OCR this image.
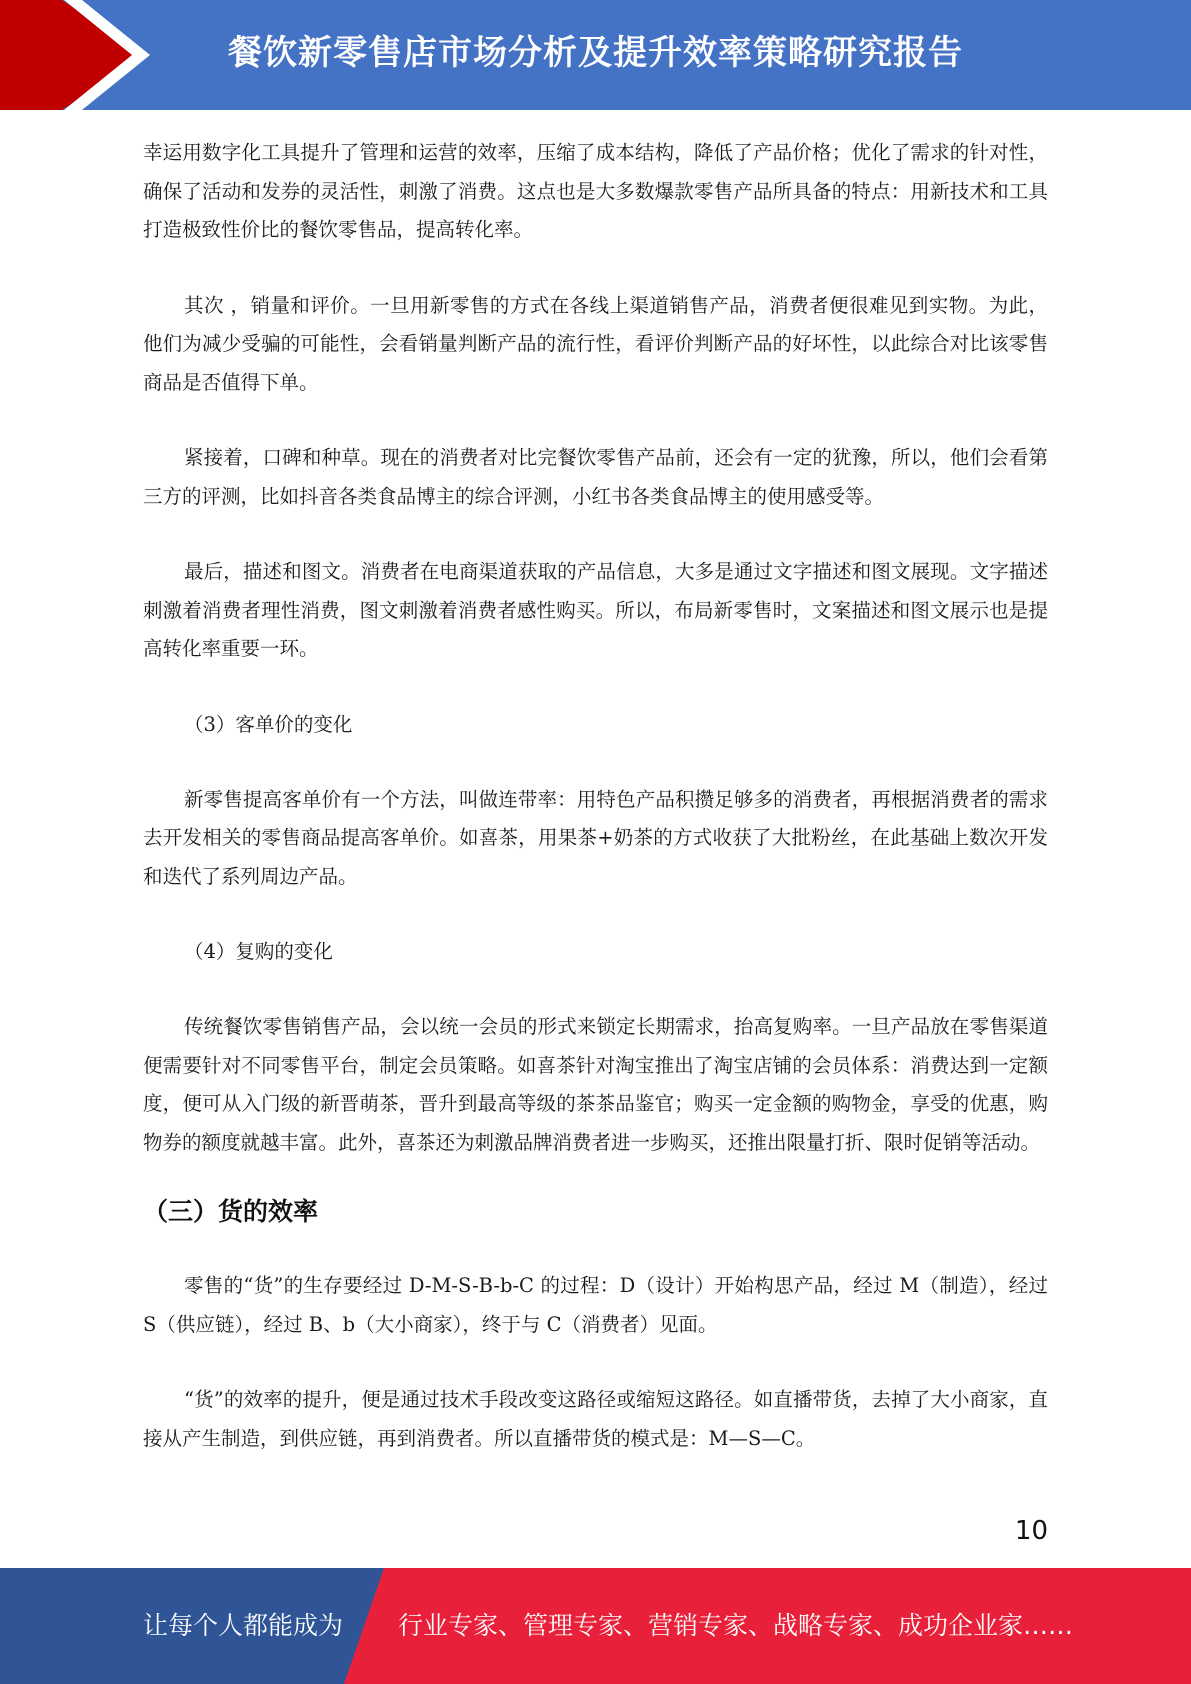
餐饮新零售店市场分析及提升效率策略研究报告

幸运用数字化工具提升了管理和运营的效率，压缩了成本结构，降低了产品价格；优化了需求的针对性，确保了活动和发券的灵活性，刺激了消费。这点也是大多数爆款零售产品所具备的特点：用新技术和工具打造极致性价比的餐饮零售品，提高转化率。

其次 ，销量和评价。一旦用新零售的方式在各线上渠道销售产品，消费者便很难见到实物。为此，他们为减少受骗的可能性，会看销量判断产品的流行性，看评价判断产品的好坏性，以此综合对比该零售商品是否值得下单。

紧接着，口碑和种草。现在的消费者对比完餐饮零售产品前，还会有一定的犹豫，所以，他们会看第三方的评测，比如抖音各类食品博主的综合评测，小红书各类食品博主的使用感受等。

最后，描述和图文。消费者在电商渠道获取的产品信息，大多是通过文字描述和图文展现。文字描述刺激着消费者理性消费，图文刺激着消费者感性购买。所以，布局新零售时，文案描述和图文展示也是提高转化率重要一环。

（3）客单价的变化

新零售提高客单价有一个方法，叫做连带率：用特色产品积攒足够多的消费者，再根据消费者的需求去开发相关的零售商品提高客单价。如喜茶，用果茶+奶茶的方式收获了大批粉丝，在此基础上数次开发和迭代了系列周边产品。

（4）复购的变化

传统餐饮零售销售产品，会以统一会员的形式来锁定长期需求，抬高复购率。一旦产品放在零售渠道便需要针对不同零售平台，制定会员策略。如喜茶针对淘宝推出了淘宝店铺的会员体系：消费达到一定额度，便可从入门级的新晋萌茶，晋升到最高等级的茶茶品鉴官；购买一定金额的购物金，享受的优惠，购物券的额度就越丰富。此外，喜茶还为刺激品牌消费者进一步购买，还推出限量打折、限时促销等活动。

（三）货的效率

零售的“货”的生存要经过 D-M-S-B-b-C 的过程：D（设计）开始构思产品，经过 M（制造），经过 S（供应链），经过 B、b（大小商家），终于与 C（消费者）见面。

“货”的效率的提升，便是通过技术手段改变这路径或缩短这路径。如直播带货，去掉了大小商家，直接从产生制造，到供应链，再到消费者。所以直播带货的模式是：M—S—C。

10
让每个人都能成为 行业专家、管理专家、营销专家、战略专家、成功企业家……
